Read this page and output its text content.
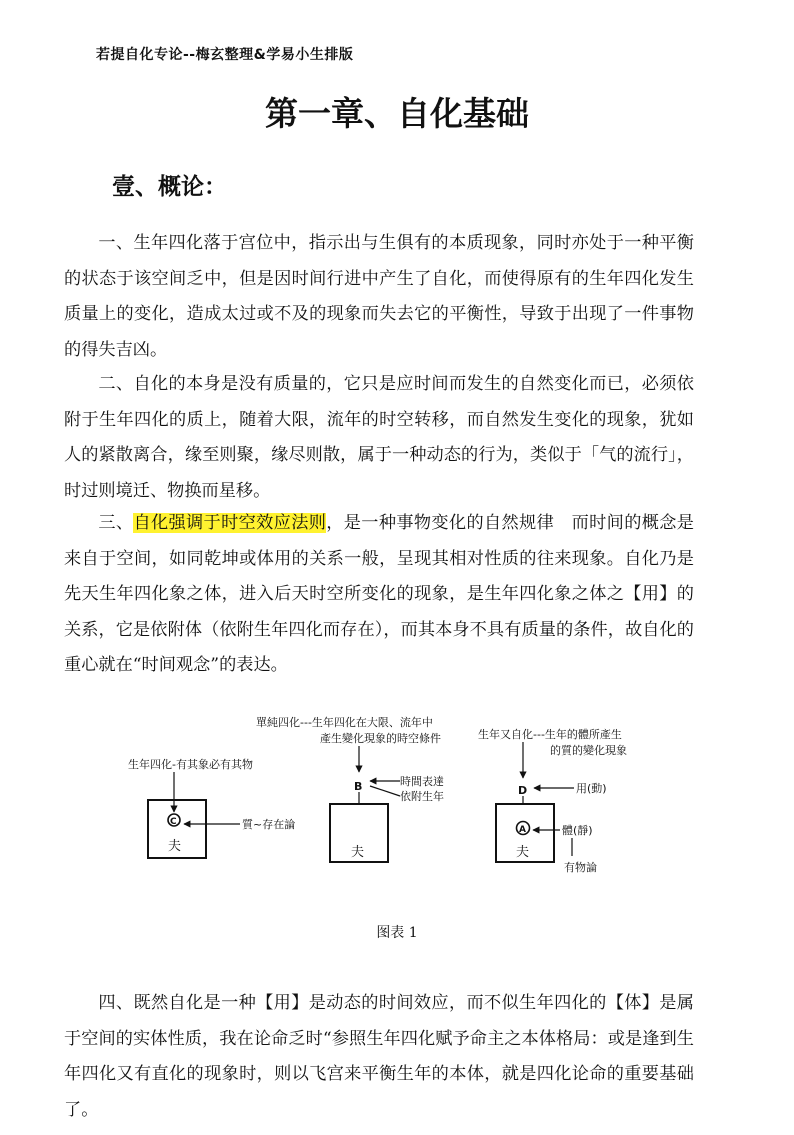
若提自化专论--梅玄整理&学易小生排版
第一章、自化基础
壹、概论：

一、生年四化落于宫位中，指示出与生俱有的本质现象，同时亦处于一种平衡的状态于该空间乏中，但是因时间行进中产生了自化，而使得原有的生年四化发生质量上的变化，造成太过或不及的现象而失去它的平衡性，导致于出现了一件事物的得失吉凶。

二、自化的本身是没有质量的，它只是应时间而发生的自然变化而已，必须依附于生年四化的质上，随着大限，流年的时空转移，而自然发生变化的现象，犹如人的紧散离合，缘至则聚，缘尽则散，属于一种动态的行为，类似于「气的流行」，时过则境迁、物换而星移。

三、自化强调于时空效应法则，是一种事物变化的自然规律　而时间的概念是来自于空间，如同乾坤或体用的关系一般，呈现其相对性质的往来现象。自化乃是先天生年四化象之体，进入后天时空所变化的现象，是生年四化象之体之【用】的关系，它是依附体（依附生年四化而存在），而其本身不具有质量的条件，故自化的重心就在“时间观念”的表达。

生年四化-有其象必有其物
C	質~存在論
夫
單純四化---生年四化在大限、流年中
產生變化現象的時空條件
B	時間表達
依附生年
夫
生年又自化---生年的體所產生
的質的變化現象
D	用(動)
A	體(靜)
有物論
夫
图表 1

四、既然自化是一种【用】是动态的时间效应，而不似生年四化的【体】是属于空间的实体性质，我在论命乏时“参照生年四化赋予命主之本体格局：或是逢到生年四化又有直化的现象时，则以飞宫来平衡生年的本体，就是四化论命的重要基础了。
